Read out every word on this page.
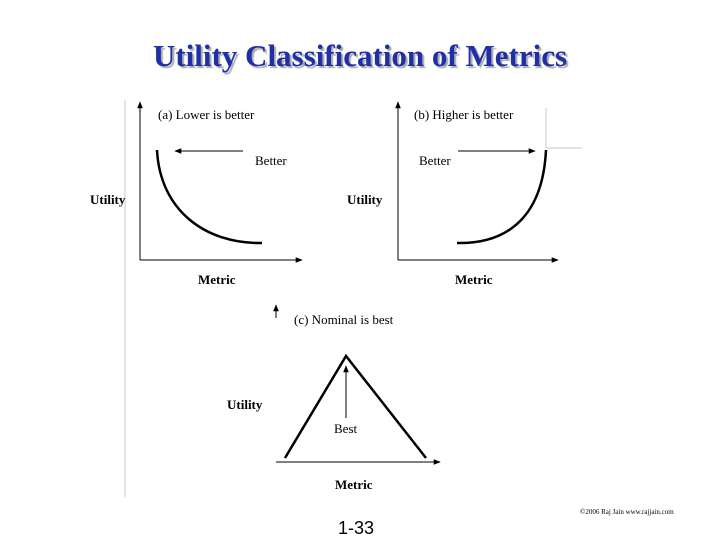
Utility Classification of Metrics
(a) Lower is better
Better
Utility
Metric
(b) Higher is better
Better
Utility
Metric
(c) Nominal is best
Best
Utility
Metric
©2006 Raj Jain www.rajjain.com
1-33
